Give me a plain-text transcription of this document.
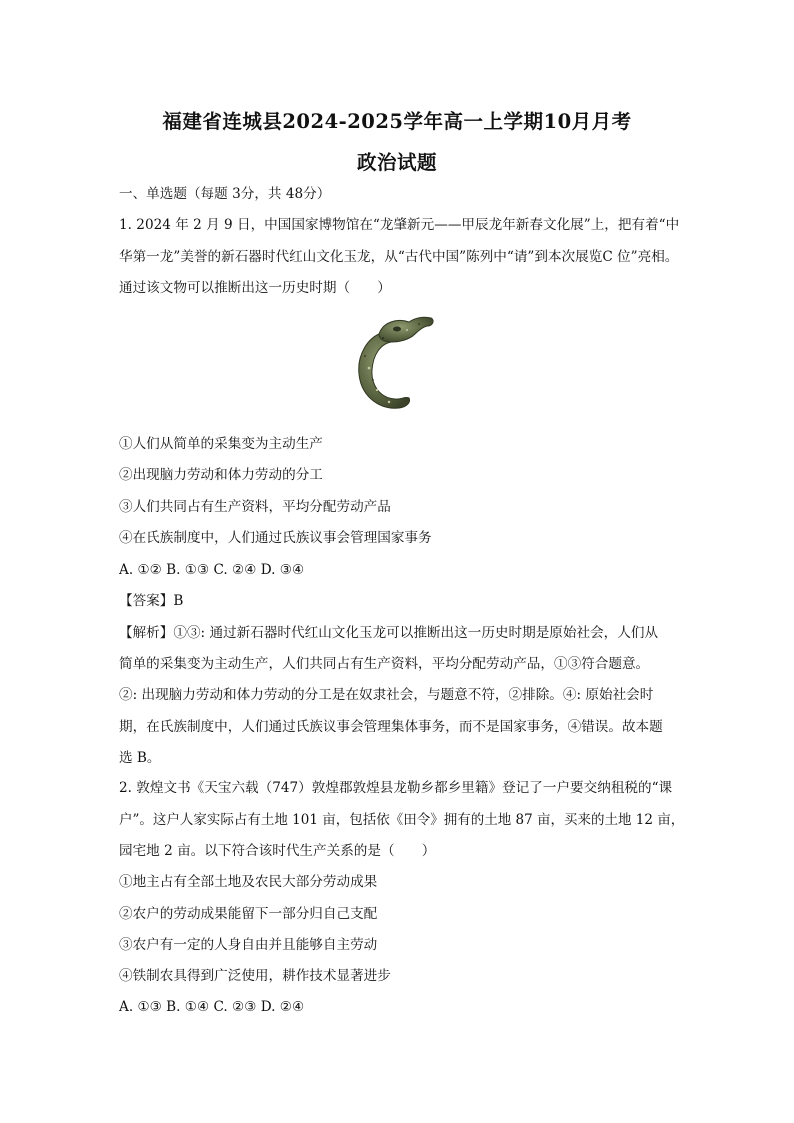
福建省连城县2024-2025学年高一上学期10月月考
政治试题
一、单选题（每题 3分，共 48分）
1. 2024 年 2 月 9 日，中国国家博物馆在“龙肇新元——甲辰龙年新春文化展”上，把有着“中
华第一龙”美誉的新石器时代红山文化玉龙，从“古代中国”陈列中“请”到本次展览C 位”亮相。
通过该文物可以推断出这一历史时期（　　）
①人们从简单的采集变为主动生产
②出现脑力劳动和体力劳动的分工
③人们共同占有生产资料，平均分配劳动产品
④在氏族制度中，人们通过氏族议事会管理国家事务
A. ①② B. ①③ C. ②④ D. ③④
【答案】B
【解析】①③: 通过新石器时代红山文化玉龙可以推断出这一历史时期是原始社会，人们从
简单的采集变为主动生产，人们共同占有生产资料，平均分配劳动产品，①③符合题意。
②: 出现脑力劳动和体力劳动的分工是在奴隶社会，与题意不符，②排除。④: 原始社会时
期，在氏族制度中，人们通过氏族议事会管理集体事务，而不是国家事务，④错误。故本题
选 B。
2. 敦煌文书《天宝六载（747）敦煌郡敦煌县龙勒乡都乡里籍》登记了一户要交纳租税的“课
户”。这户人家实际占有土地 101 亩，包括依《田令》拥有的土地 87 亩，买来的土地 12 亩，
园宅地 2 亩。以下符合该时代生产关系的是（　　）
①地主占有全部土地及农民大部分劳动成果
②农户的劳动成果能留下一部分归自己支配
③农户有一定的人身自由并且能够自主劳动
④铁制农具得到广泛使用，耕作技术显著进步
A. ①③ B. ①④ C. ②③ D. ②④
